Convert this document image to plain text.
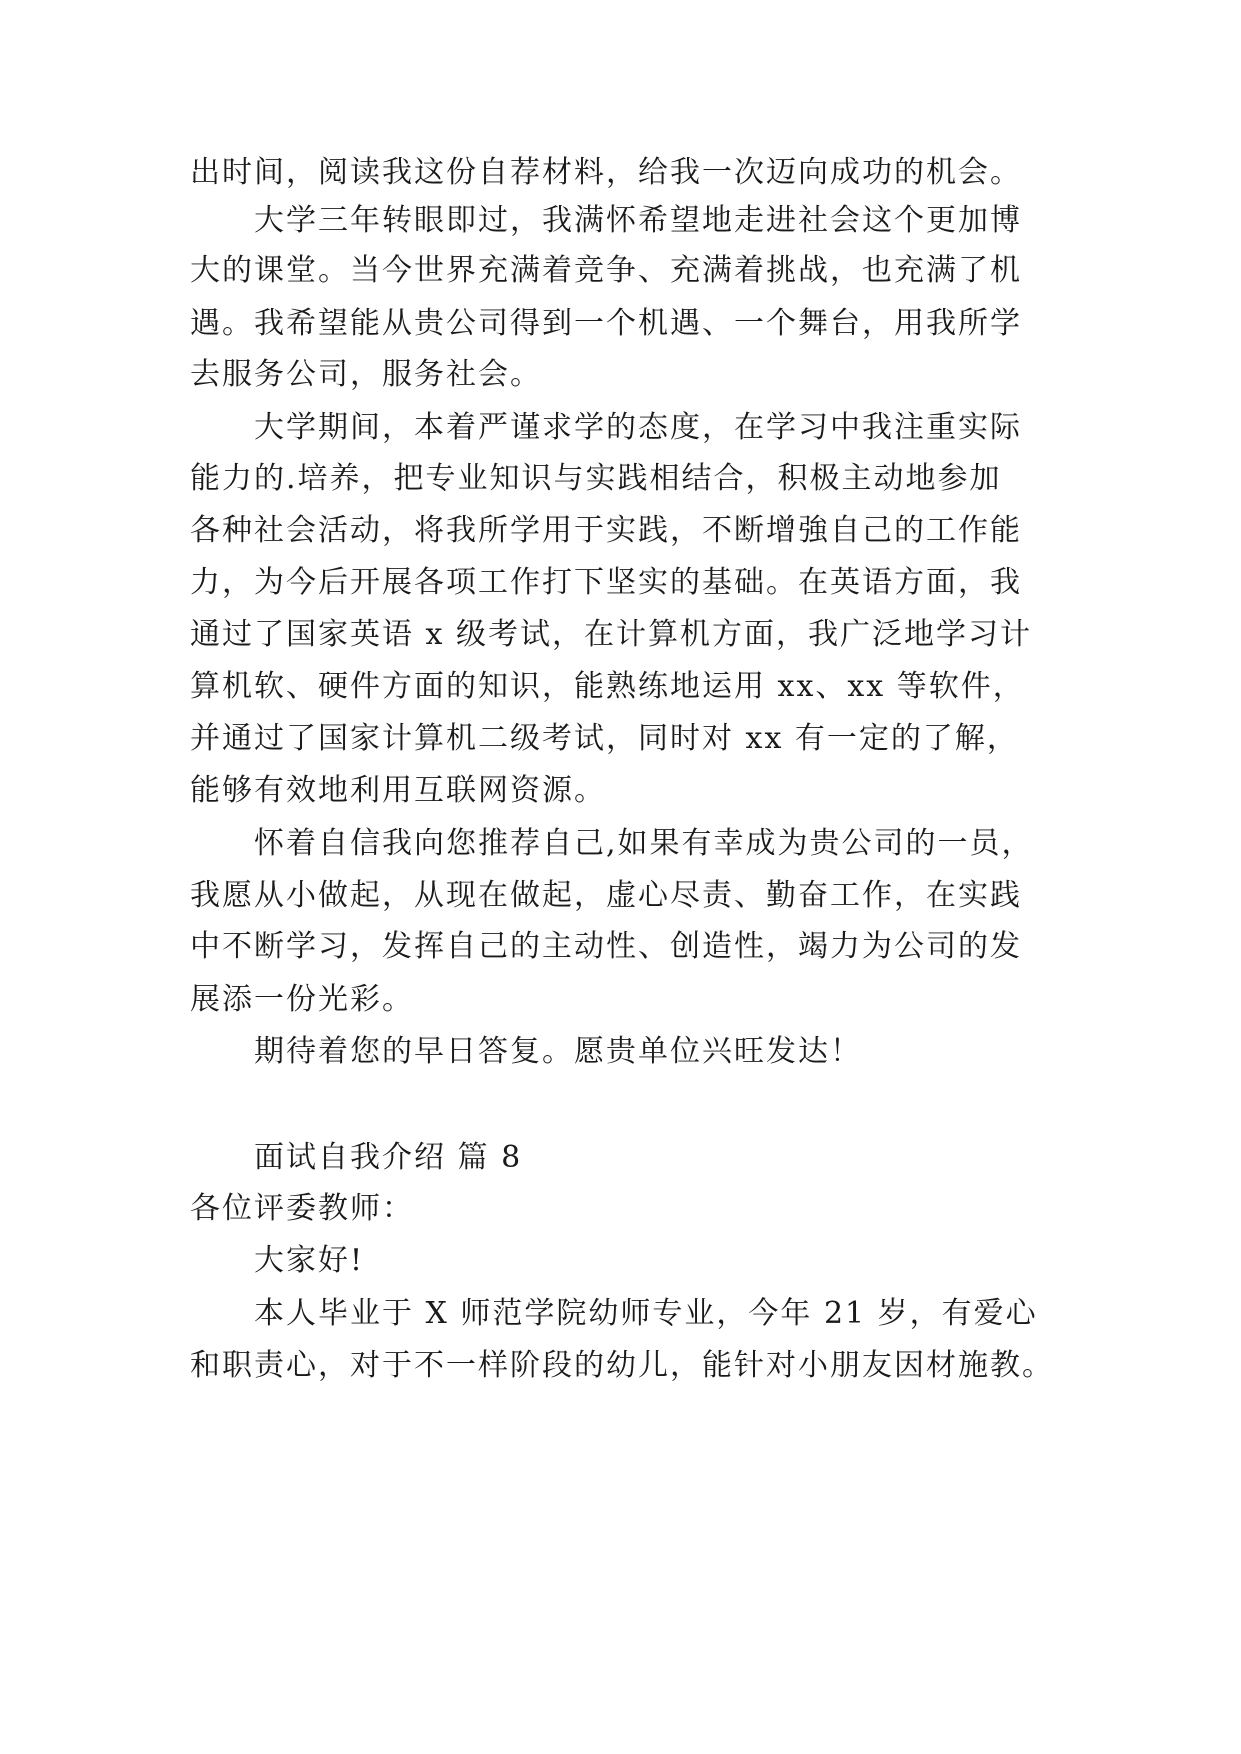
出时间，阅读我这份自荐材料，给我一次迈向成功的机会。
大学三年转眼即过，我满怀希望地走进社会这个更加博
大的课堂。当今世界充满着竞争、充满着挑战，也充满了机
遇。我希望能从贵公司得到一个机遇、一个舞台，用我所学
去服务公司，服务社会。
大学期间，本着严谨求学的态度，在学习中我注重实际
能力的.培养，把专业知识与实践相结合，积极主动地参加
各种社会活动，将我所学用于实践，不断增強自己的工作能
力，为今后开展各项工作打下坚实的基础。在英语方面，我
通过了国家英语 x 级考试，在计算机方面，我广泛地学习计
算机软、硬件方面的知识，能熟练地运用 xx、xx 等软件，
并通过了国家计算机二级考试，同时对 xx 有一定的了解，
能够有效地利用互联网资源。
怀着自信我向您推荐自己,如果有幸成为贵公司的一员，
我愿从小做起，从现在做起，虚心尽责、勤奋工作，在实践
中不断学习，发挥自己的主动性、创造性，竭力为公司的发
展添一份光彩。
期待着您的早日答复。愿贵单位兴旺发达！
面试自我介绍 篇 8
各位评委教师：
大家好!
本人毕业于 X 师范学院幼师专业，今年 21 岁，有爱心
和职责心，对于不一样阶段的幼儿，能针对小朋友因材施教。
